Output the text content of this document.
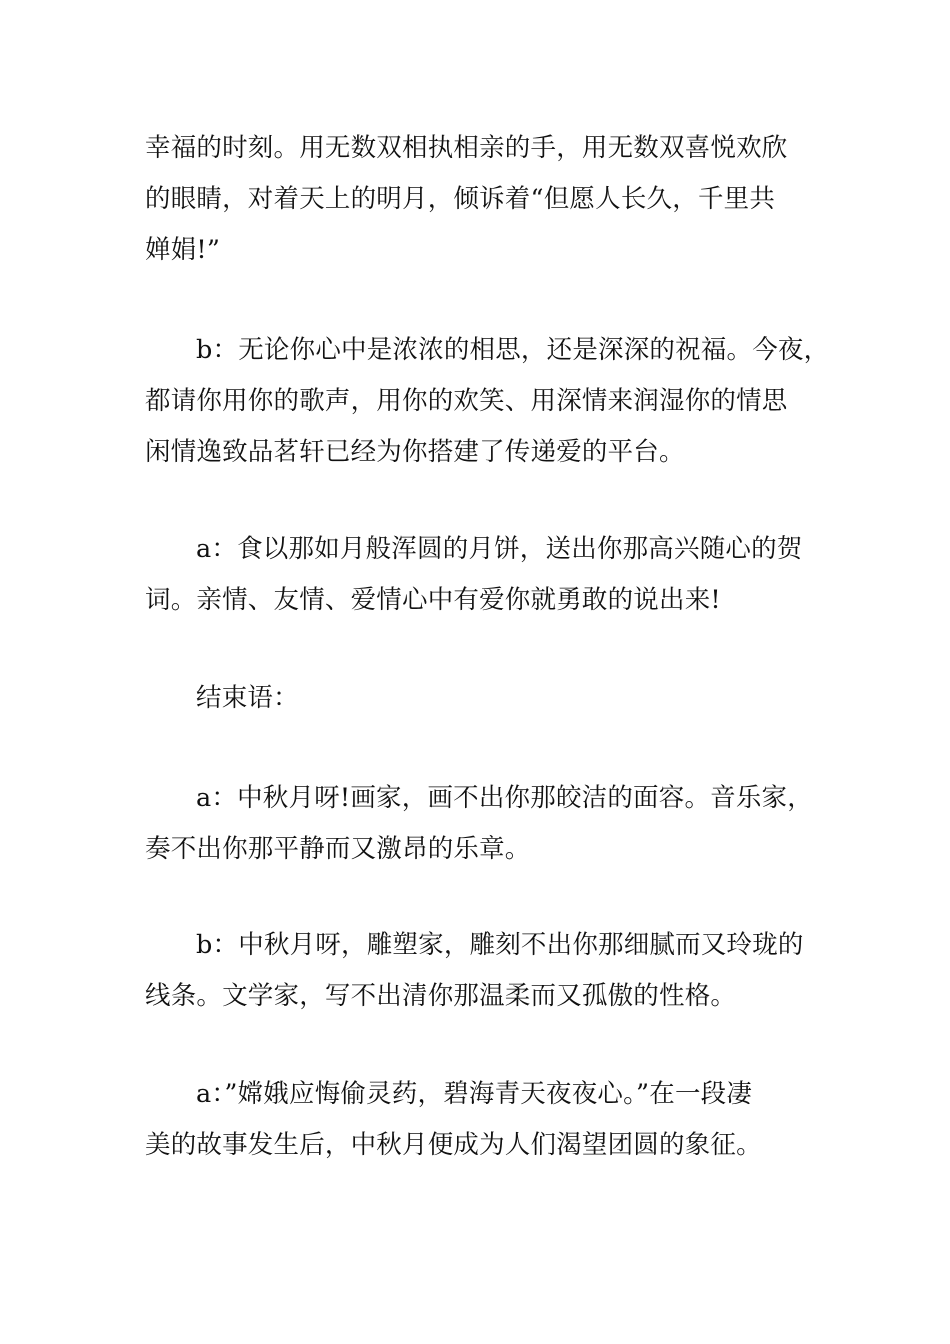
幸福的时刻。用无数双相执相亲的手，用无数双喜悦欢欣
的眼睛，对着天上的明月，倾诉着“但愿人长久，千里共
婵娟!”
b：无论你心中是浓浓的相思，还是深深的祝福。今夜，
都请你用你的歌声，用你的欢笑、用深情来润湿你的情思
闲情逸致品茗轩已经为你搭建了传递爱的平台。
a：食以那如月般浑圆的月饼，送出你那高兴随心的贺
词。亲情、友情、爱情心中有爱你就勇敢的说出来!
结束语：
a：中秋月呀!画家，画不出你那皎洁的面容。音乐家，
奏不出你那平静而又激昂的乐章。
b：中秋月呀，雕塑家，雕刻不出你那细腻而又玲珑的
线条。文学家，写不出清你那温柔而又孤傲的性格。
a：”嫦娥应悔偷灵药，碧海青天夜夜心。”在一段凄
美的故事发生后，中秋月便成为人们渴望团圆的象征。
